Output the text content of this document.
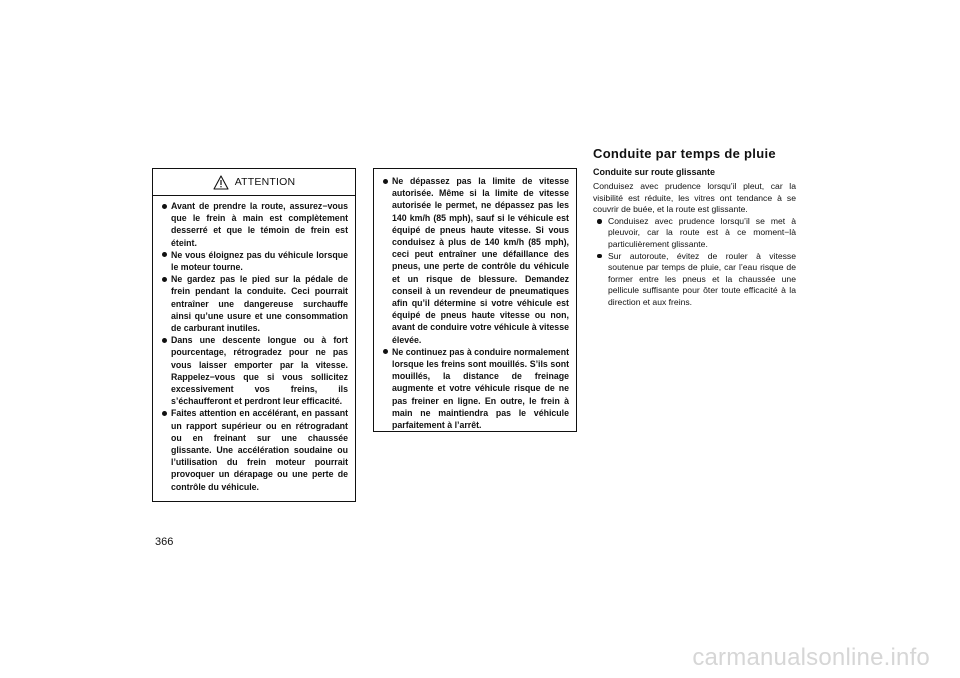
ATTENTION
Avant de prendre la route, assurez−vous que le frein à main est complètement desserré et que le témoin de frein est éteint.
Ne vous éloignez pas du véhicule lorsque le moteur tourne.
Ne gardez pas le pied sur la pédale de frein pendant la conduite. Ceci pourrait entraîner une dangereuse surchauffe ainsi qu’une usure et une consommation de carburant inutiles.
Dans une descente longue ou à fort pourcentage, rétrogradez pour ne pas vous laisser emporter par la vitesse. Rappelez−vous que si vous sollicitez excessivement vos freins, ils s’échaufferont et perdront leur efficacité.
Faites attention en accélérant, en passant un rapport supérieur ou en rétrogradant ou en freinant sur une chaussée glissante. Une accélération soudaine ou l’utilisation du frein moteur pourrait provoquer un dérapage ou une perte de contrôle du véhicule.
Ne dépassez pas la limite de vitesse autorisée. Même si la limite de vitesse autorisée le permet, ne dépassez pas les 140 km/h (85 mph), sauf si le véhicule est équipé de pneus haute vitesse. Si vous conduisez à plus de 140 km/h (85 mph), ceci peut entraîner une défaillance des pneus, une perte de contrôle du véhicule et un risque de blessure. Demandez conseil à un revendeur de pneumatiques afin qu’il détermine si votre véhicule est équipé de pneus haute vitesse ou non, avant de conduire votre véhicule à vitesse élevée.
Ne continuez pas à conduire normalement lorsque les freins sont mouillés. S’ils sont mouillés, la distance de freinage augmente et votre véhicule risque de ne pas freiner en ligne. En outre, le frein à main ne maintiendra pas le véhicule parfaitement à l’arrêt.
Conduite par temps de pluie

Conduite sur route glissante

Conduisez avec prudence lorsqu’il pleut, car la visibilité est réduite, les vitres ont tendance à se couvrir de buée, et la route est glissante.

Conduisez avec prudence lorsqu’il se met à pleuvoir, car la route est à ce moment−là particulièrement glissante.
Sur autoroute, évitez de rouler à vitesse soutenue par temps de pluie, car l’eau risque de former entre les pneus et la chaussée une pellicule suffisante pour ôter toute efficacité à la direction et aux freins.

366

carmanualsonline.info
